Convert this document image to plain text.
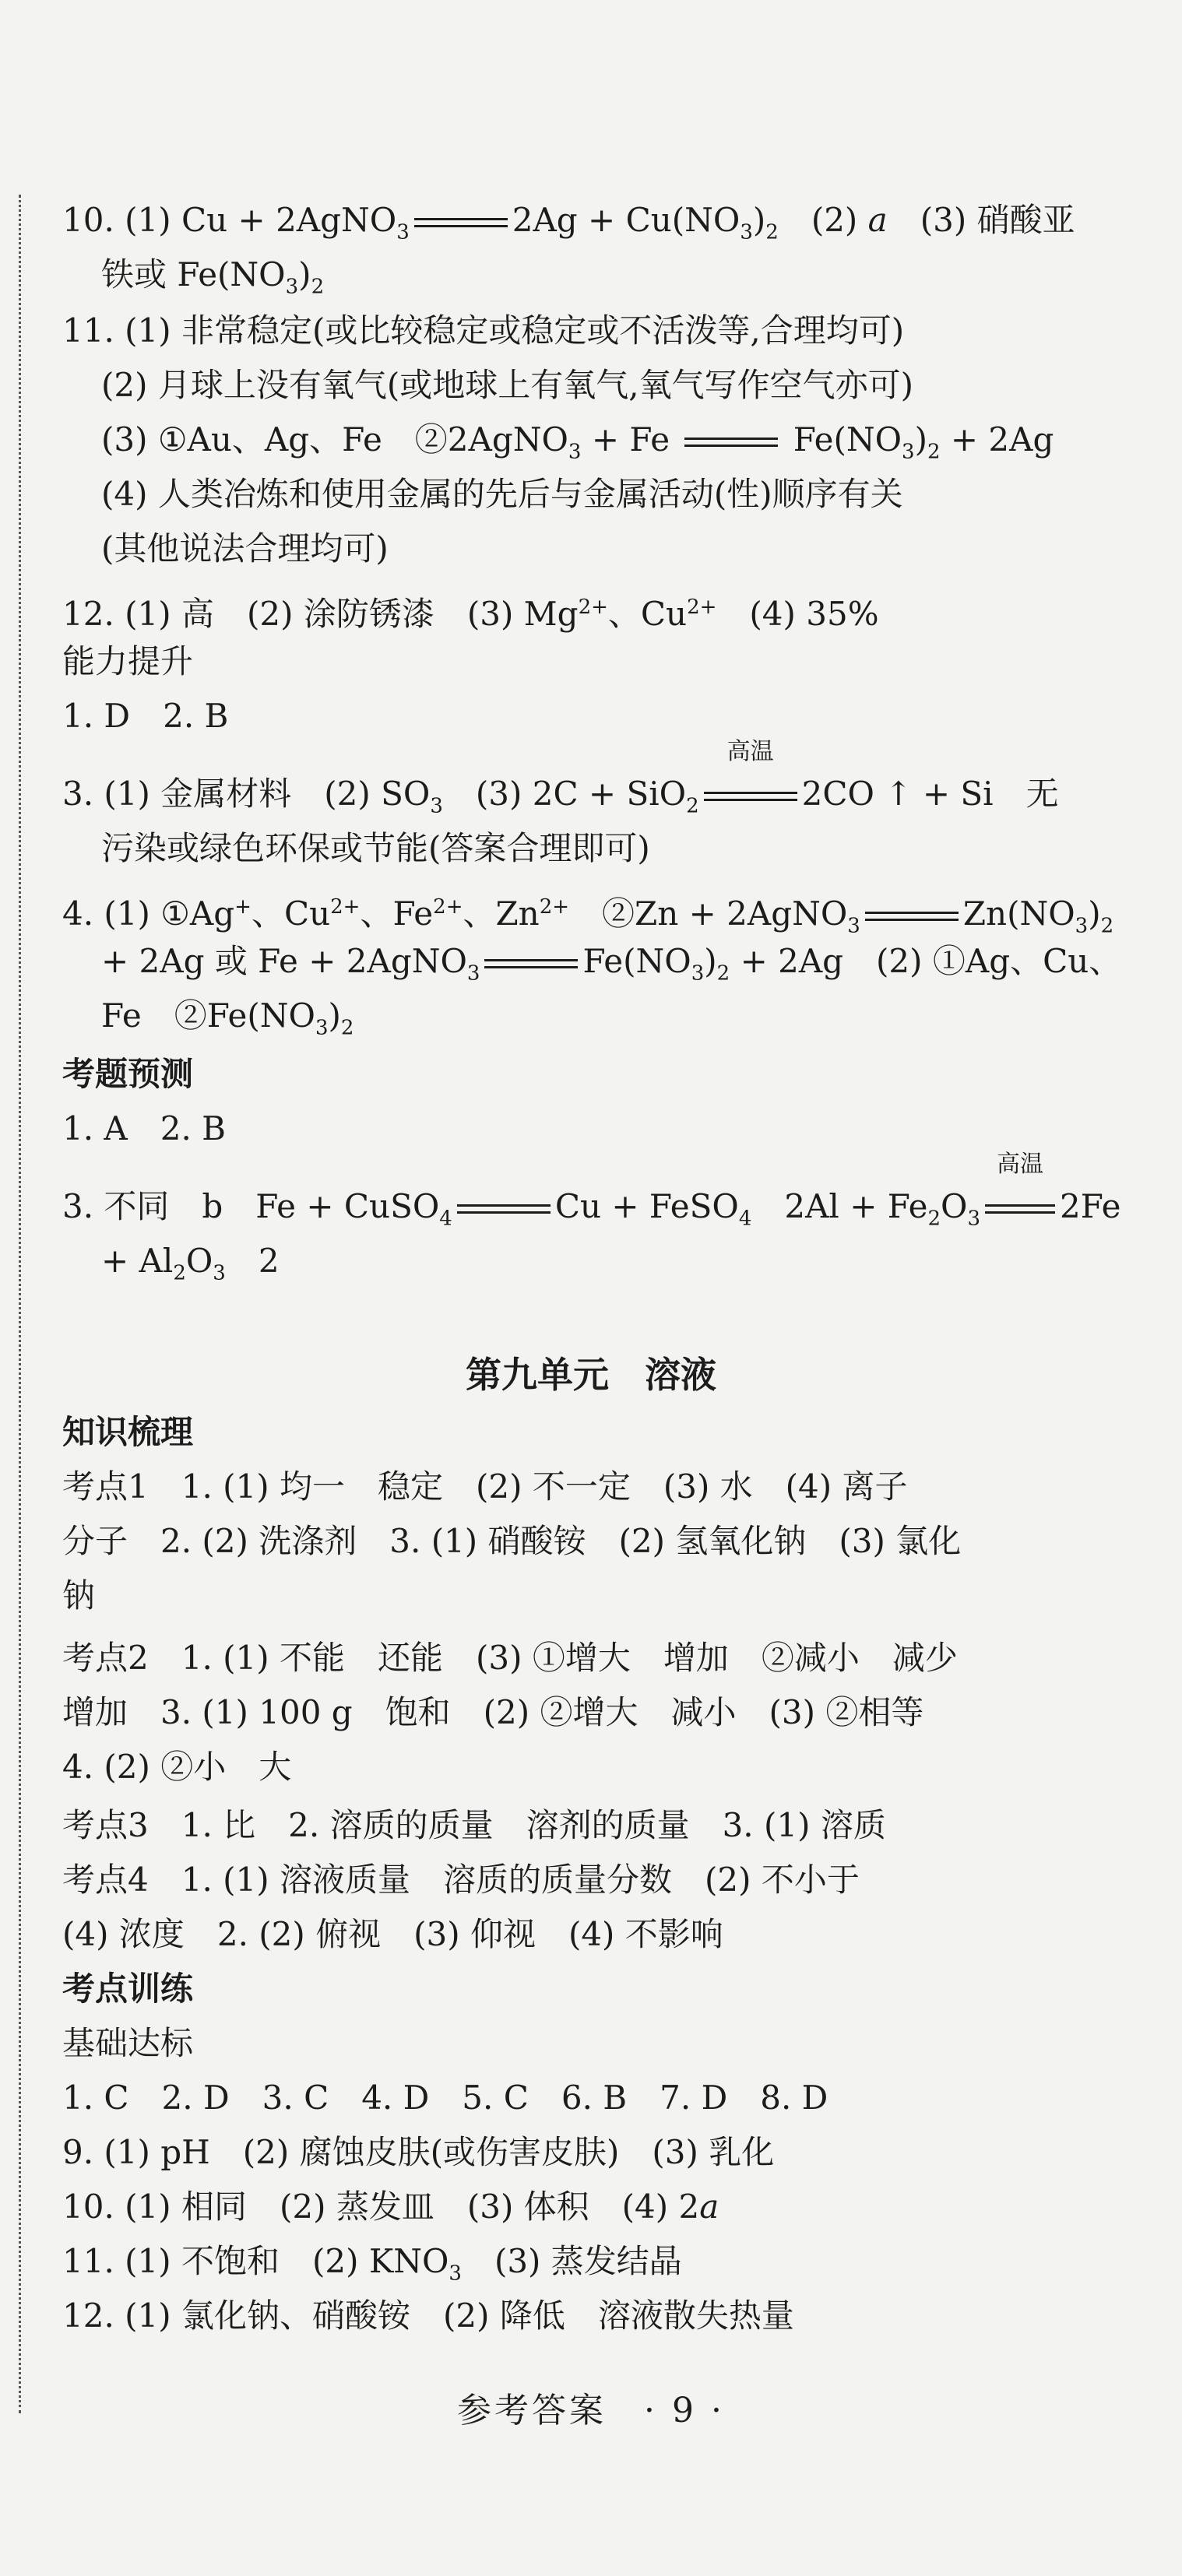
10. (1) Cu + 2AgNO$_3$	$2Ag + Cu(NO_3)_2$　(2) a　(3) 硝酸亚
铁或 $Fe(NO_3)_2$
11. (1) 非常稳定(或比较稳定或稳定或不活泼等,合理均可)
(2) 月球上没有氧气(或地球上有氧气,氧气写作空气亦可)
(3) ①Au、Ag、Fe　②2AgNO$_3$ + Fe	$Fe(NO_3)_2 + 2Ag$
(4) 人类冶炼和使用金属的先后与金属活动(性)顺序有关
(其他说法合理均可)
12. (1) 高　(2) 涂防锈漆　(3) $Mg^{2+}$、$Cu^{2+}$　(4) 35%
能力提升
1. D　2. B
3. (1) 金属材料　(2) $SO_3$　(3) 2C + SiO$_2$
高温
2CO ↑ + Si　无
污染或绿色环保或节能(答案合理即可)
4. (1) ①Ag+、$Cu^{2+}$、$Fe^{2+}$、$Zn^{2+}$　②Zn + 2AgNO$_3$	$Zn(NO_3)_2$
+ 2Ag 或 Fe + 2AgNO$_3$	$Fe(NO_3)_2 + 2Ag$　(2) ①Ag、Cu、
Fe　$②Fe(NO_3)_2$
考题预测
1. A　2. B
3. 不同　b　Fe + CuSO$_4$	Cu + FeSO$_4$　$2Al + Fe_2O_3$
高温
2Fe
+ $Al_2O_3$　2
第九单元　溶液
知识梳理
考点1　1. (1) 均一　稳定　(2) 不一定　(3) 水　(4) 离子
分子　2. (2) 洗涤剂　3. (1) 硝酸铵　(2) 氢氧化钠　(3) 氯化
钠
考点2　1. (1) 不能　还能　(3) ①增大　增加　②减小　减少
增加　3. (1) 100 g　饱和　(2) ②增大　减小　(3) ②相等
4. (2) ②小　大
考点3　1. 比　2. 溶质的质量　溶剂的质量　3. (1) 溶质
考点4　1. (1) 溶液质量　溶质的质量分数　(2) 不小于
(4) 浓度　2. (2) 俯视　(3) 仰视　(4) 不影响
考点训练
基础达标
1. C　2. D　3. C　4. D　5. C　6. B　7. D　8. D
9. (1) pH　(2) 腐蚀皮肤(或伤害皮肤)　(3) 乳化
10. (1) 相同　(2) 蒸发皿　(3) 体积　(4) 2a
11. (1) 不饱和　(2) $KNO_3$　(3) 蒸发结晶
12. (1) 氯化钠、硝酸铵　(2) 降低　溶液散失热量
参考答案　· 9 ·
